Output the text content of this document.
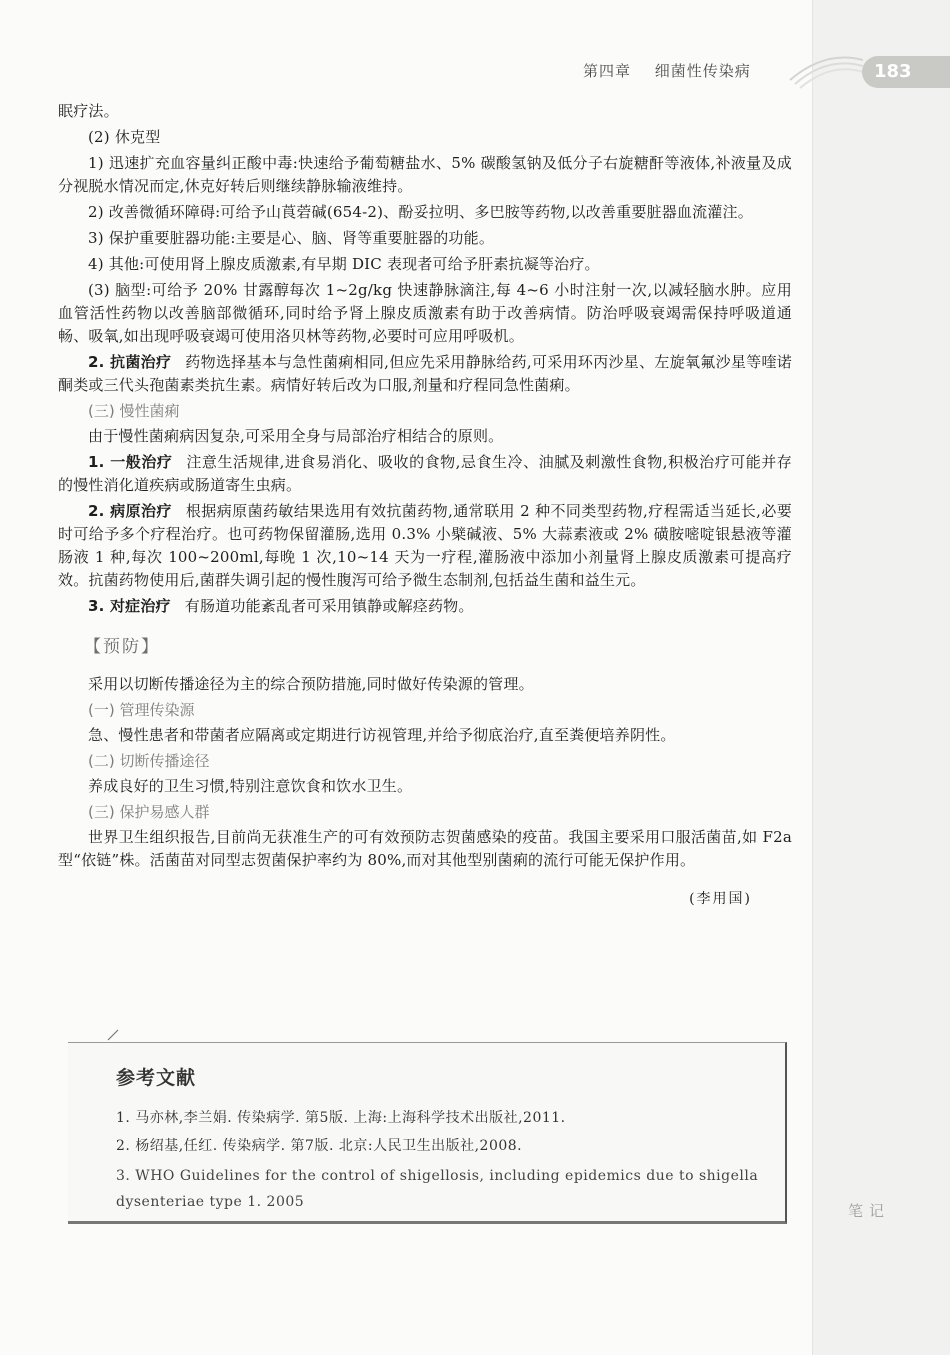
第四章 细菌性传染病	183

眠疗法。

(2) 休克型

1) 迅速扩充血容量纠正酸中毒:快速给予葡萄糖盐水、5% 碳酸氢钠及低分子右旋糖酐等液体,补液量及成分视脱水情况而定,休克好转后则继续静脉输液维持。

2) 改善微循环障碍:可给予山莨菪碱(654-2)、酚妥拉明、多巴胺等药物,以改善重要脏器血流灌注。

3) 保护重要脏器功能:主要是心、脑、肾等重要脏器的功能。

4) 其他:可使用肾上腺皮质激素,有早期 DIC 表现者可给予肝素抗凝等治疗。

(3) 脑型:可给予 20% 甘露醇每次 1~2g/kg 快速静脉滴注,每 4~6 小时注射一次,以减轻脑水肿。应用血管活性药物以改善脑部微循环,同时给予肾上腺皮质激素有助于改善病情。防治呼吸衰竭需保持呼吸道通畅、吸氧,如出现呼吸衰竭可使用洛贝林等药物,必要时可应用呼吸机。

2. 抗菌治疗 药物选择基本与急性菌痢相同,但应先采用静脉给药,可采用环丙沙星、左旋氧氟沙星等喹诺酮类或三代头孢菌素类抗生素。病情好转后改为口服,剂量和疗程同急性菌痢。

(三) 慢性菌痢

由于慢性菌痢病因复杂,可采用全身与局部治疗相结合的原则。

1. 一般治疗 注意生活规律,进食易消化、吸收的食物,忌食生冷、油腻及刺激性食物,积极治疗可能并存的慢性消化道疾病或肠道寄生虫病。

2. 病原治疗 根据病原菌药敏结果选用有效抗菌药物,通常联用 2 种不同类型药物,疗程需适当延长,必要时可给予多个疗程治疗。也可药物保留灌肠,选用 0.3% 小檗碱液、5% 大蒜素液或 2% 磺胺嘧啶银悬液等灌肠液 1 种,每次 100~200ml,每晚 1 次,10~14 天为一疗程,灌肠液中添加小剂量肾上腺皮质激素可提高疗效。抗菌药物使用后,菌群失调引起的慢性腹泻可给予微生态制剂,包括益生菌和益生元。

3. 对症治疗 有肠道功能紊乱者可采用镇静或解痉药物。

【预防】

采用以切断传播途径为主的综合预防措施,同时做好传染源的管理。

(一) 管理传染源

急、慢性患者和带菌者应隔离或定期进行访视管理,并给予彻底治疗,直至粪便培养阴性。

(二) 切断传播途径

养成良好的卫生习惯,特别注意饮食和饮水卫生。

(三) 保护易感人群

世界卫生组织报告,目前尚无获准生产的可有效预防志贺菌感染的疫苗。我国主要采用口服活菌苗,如 F2a 型“依链”株。活菌苗对同型志贺菌保护率约为 80%,而对其他型别菌痢的流行可能无保护作用。

(李用国)
参考文献
1. 马亦林,李兰娟. 传染病学. 第5版. 上海:上海科学技术出版社,2011.
2. 杨绍基,任红. 传染病学. 第7版. 北京:人民卫生出版社,2008.
3. WHO Guidelines for the control of shigellosis, including epidemics due to shigella dysenteriae type 1. 2005	笔记
